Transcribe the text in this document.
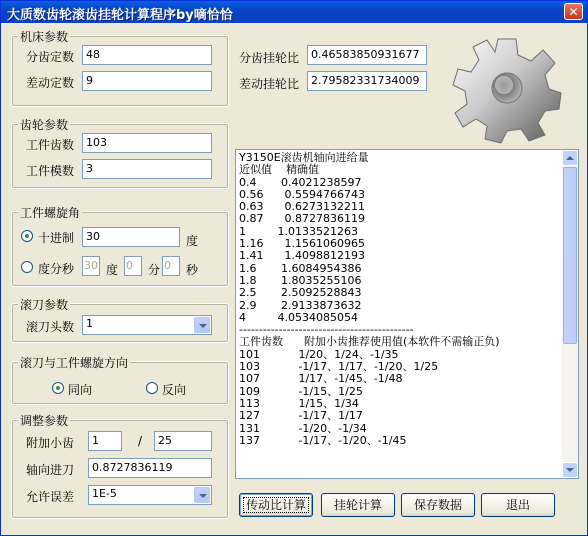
大质数齿轮滚齿挂轮计算程序by嘀恰恰	✕
机床参数
分齿定数	48
差动定数	9
齿轮参数
工件齿数	103
工件模数	3
工件螺旋角
十进制	30	度
度分秒 30 度 0	分 0	秒
滚刀参数
滚刀头数	1
滚刀与工件螺旋方向
同向	反向
调整参数
附加小齿	1	/	25
轴向进刀	0.8727836119
允许误差	1E-5
分齿挂轮比	0.46583850931677
差动挂轮比	2.79582331734009
Y3150E滚齿机轴向进给量
近似值    精确值
0.4       0.4021238597
0.56      0.5594766743
0.63      0.6273132211
0.87      0.8727836119
1         1.0133521263
1.16      1.1561060965
1.41      1.4098812193
1.6       1.6084954386
1.8       1.8035255106
2.5       2.5092528843
2.9       2.9133873632
4         4.0534085054
--------------------------------------------
工件齿数      附加小齿推荐使用值(本软件不需输正负)
101           1/20、1/24、-1/35
103           -1/17、1/17、-1/20、1/25
107           1/17、-1/45、-1/48
109           -1/15、1/25
113           1/15、1/34
127           -1/17、1/17
131           -1/20、-1/34
137           -1/17、-1/20、-1/45
传动比计算	挂轮计算	保存数据	退出
